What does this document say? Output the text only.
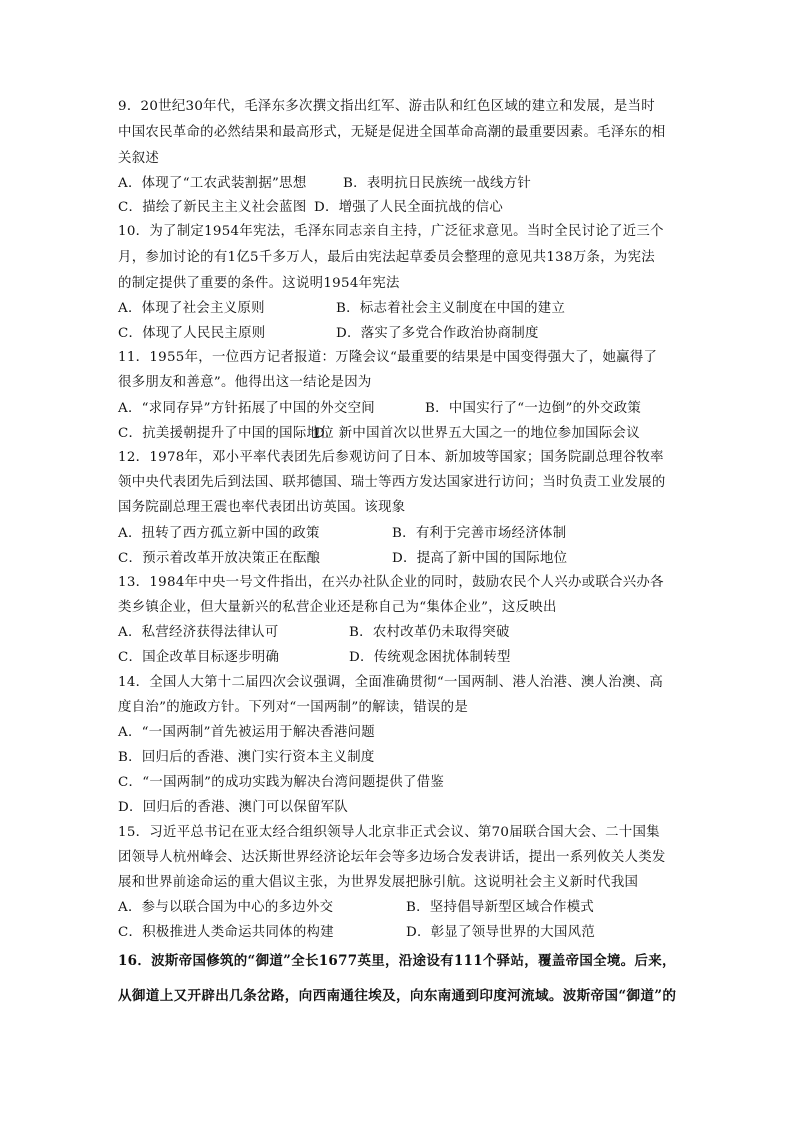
9．20世纪30年代，毛泽东多次撰文指出红军、游击队和红色区域的建立和发展，是当时
中国农民革命的必然结果和最高形式，无疑是促进全国革命高潮的最重要因素。毛泽东的相
关叙述
A．体现了“工农武装割据”思想	B．表明抗日民族统一战线方针
C．描绘了新民主主义社会蓝图 D．增强了人民全面抗战的信心
10．为了制定1954年宪法，毛泽东同志亲自主持，广泛征求意见。当时全民讨论了近三个
月，参加讨论的有1亿5千多万人，最后由宪法起草委员会整理的意见共138万条，为宪法
的制定提供了重要的条件。这说明1954年宪法
A．体现了社会主义原则	B．标志着社会主义制度在中国的建立
C．体现了人民民主原则	D．落实了多党合作政治协商制度
11．1955年，一位西方记者报道：万隆会议“最重要的结果是中国变得强大了，她赢得了
很多朋友和善意”。他得出这一结论是因为
A．“求同存异”方针拓展了中国的外交空间	B．中国实行了“一边倒”的外交政策
C．抗美援朝提升了中国的国际地位
D．新中国首次以世界五大国之一的地位参加国际会议
12．1978年，邓小平率代表团先后参观访问了日本、新加坡等国家；国务院副总理谷牧率
领中央代表团先后到法国、联邦德国、瑞士等西方发达国家进行访问；当时负责工业发展的
国务院副总理王震也率代表团出访英国。该现象
A．扭转了西方孤立新中国的政策	B．有利于完善市场经济体制
C．预示着改革开放决策正在酝酿	D．提高了新中国的国际地位
13．1984年中央一号文件指出，在兴办社队企业的同时，鼓励农民个人兴办或联合兴办各
类乡镇企业，但大量新兴的私营企业还是称自己为“集体企业”，这反映出
A．私营经济获得法律认可	B．农村改革仍未取得突破
C．国企改革目标逐步明确	D．传统观念困扰体制转型
14．全国人大第十二届四次会议强调，全面准确贯彻“一国两制、港人治港、澳人治澳、高
度自治”的施政方针。下列对“一国两制”的解读，错误的是
A．“一国两制”首先被运用于解决香港问题
B．回归后的香港、澳门实行资本主义制度
C．“一国两制”的成功实践为解决台湾问题提供了借鉴
D．回归后的香港、澳门可以保留军队
15．习近平总书记在亚太经合组织领导人北京非正式会议、第70届联合国大会、二十国集
团领导人杭州峰会、达沃斯世界经济论坛年会等多边场合发表讲话，提出一系列攸关人类发
展和世界前途命运的重大倡议主张，为世界发展把脉引航。这说明社会主义新时代我国
A．参与以联合国为中心的多边外交	B．坚持倡导新型区域合作模式
C．积极推进人类命运共同体的构建	D．彰显了领导世界的大国风范
16．波斯帝国修筑的“御道”全长1677英里，沿途设有111个驿站，覆盖帝国全境。后来，
从御道上又开辟出几条岔路，向西南通往埃及，向东南通到印度河流域。波斯帝国“御道”的
